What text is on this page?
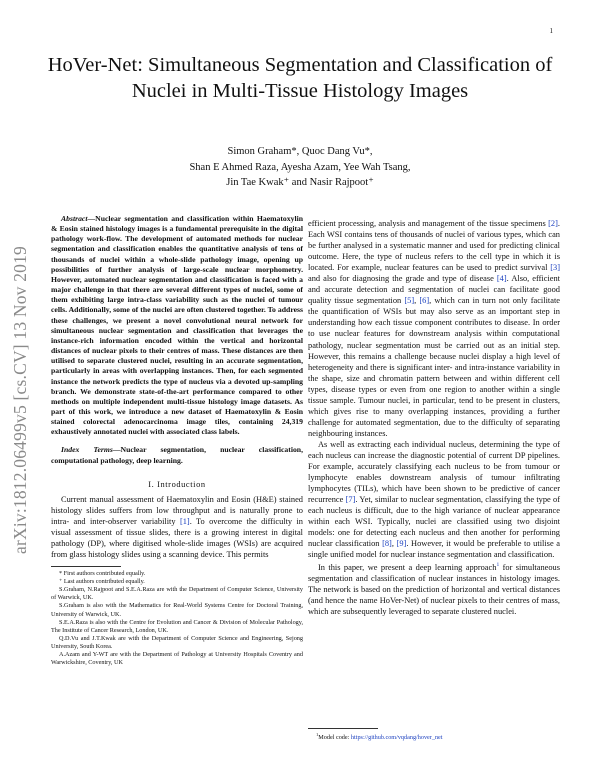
1
arXiv:1812.06499v5 [cs.CV] 13 Nov 2019
HoVer-Net: Simultaneous Segmentation and Classification of Nuclei in Multi-Tissue Histology Images
Simon Graham*, Quoc Dang Vu*,
Shan E Ahmed Raza, Ayesha Azam, Yee Wah Tsang,
Jin Tae Kwak⁺ and Nasir Rajpoot⁺

Abstract—Nuclear segmentation and classification within Haematoxylin & Eosin stained histology images is a fundamental prerequisite in the digital pathology work-flow. The development of automated methods for nuclear segmentation and classification enables the quantitative analysis of tens of thousands of nuclei within a whole-slide pathology image, opening up possibilities of further analysis of large-scale nuclear morphometry. However, automated nuclear segmentation and classification is faced with a major challenge in that there are several different types of nuclei, some of them exhibiting large intra-class variability such as the nuclei of tumour cells. Additionally, some of the nuclei are often clustered together. To address these challenges, we present a novel convolutional neural network for simultaneous nuclear segmentation and classification that leverages the instance-rich information encoded within the vertical and horizontal distances of nuclear pixels to their centres of mass. These distances are then utilised to separate clustered nuclei, resulting in an accurate segmentation, particularly in areas with overlapping instances. Then, for each segmented instance the network predicts the type of nucleus via a devoted up-sampling branch. We demonstrate state-of-the-art performance compared to other methods on multiple independent multi-tissue histology image datasets. As part of this work, we introduce a new dataset of Haematoxylin & Eosin stained colorectal adenocarcinoma image tiles, containing 24,319 exhaustively annotated nuclei with associated class labels.

Index Terms—Nuclear segmentation, nuclear classification, computational pathology, deep learning.

I. Introduction

Current manual assessment of Haematoxylin and Eosin (H&E) stained histology slides suffers from low throughput and is naturally prone to intra- and inter-observer variability [1]. To overcome the difficulty in visual assessment of tissue slides, there is a growing interest in digital pathology (DP), where digitised whole-slide images (WSIs) are acquired from glass histology slides using a scanning device. This permits

* First authors contributed equally.

⁺ Last authors contributed equally.

S.Graham, N.Rajpoot and S.E.A.Raza are with the Department of Computer Science, University of Warwick, UK.

S.Graham is also with the Mathematics for Real-World Systems Centre for Doctoral Training, University of Warwick, UK.

S.E.A.Raza is also with the Centre for Evolution and Cancer & Division of Molecular Pathology, The Institute of Cancer Research, London, UK.

Q.D.Vu and J.T.Kwak are with the Department of Computer Science and Engineering, Sejong University, South Korea.

A.Azam and Y-WT are with the Department of Pathology at University Hospitals Coventry and Warwickshire, Coventry, UK

efficient processing, analysis and management of the tissue specimens [2]. Each WSI contains tens of thousands of nuclei of various types, which can be further analysed in a systematic manner and used for predicting clinical outcome. Here, the type of nucleus refers to the cell type in which it is located. For example, nuclear features can be used to predict survival [3] and also for diagnosing the grade and type of disease [4]. Also, efficient and accurate detection and segmentation of nuclei can facilitate good quality tissue segmentation [5], [6], which can in turn not only facilitate the quantification of WSIs but may also serve as an important step in understanding how each tissue component contributes to disease. In order to use nuclear features for downstream analysis within computational pathology, nuclear segmentation must be carried out as an initial step. However, this remains a challenge because nuclei display a high level of heterogeneity and there is significant inter- and intra-instance variability in the shape, size and chromatin pattern between and within different cell types, disease types or even from one region to another within a single tissue sample. Tumour nuclei, in particular, tend to be present in clusters, which gives rise to many overlapping instances, providing a further challenge for automated segmentation, due to the difficulty of separating neighbouring instances.

As well as extracting each individual nucleus, determining the type of each nucleus can increase the diagnostic potential of current DP pipelines. For example, accurately classifying each nucleus to be from tumour or lymphocyte enables downstream analysis of tumour infiltrating lymphocytes (TILs), which have been shown to be predictive of cancer recurrence [7]. Yet, similar to nuclear segmentation, classifying the type of each nucleus is difficult, due to the high variance of nuclear appearance within each WSI. Typically, nuclei are classified using two disjoint models: one for detecting each nucleus and then another for performing nuclear classification [8], [9]. However, it would be preferable to utilise a single unified model for nuclear instance segmentation and classification.

In this paper, we present a deep learning approach$^1$ for simultaneous segmentation and classification of nuclear instances in histology images. The network is based on the prediction of horizontal and vertical distances (and hence the name HoVer-Net) of nuclear pixels to their centres of mass, which are subsequently leveraged to separate clustered nuclei.

$^1$Model code: https://github.com/vqdang/hover_net
